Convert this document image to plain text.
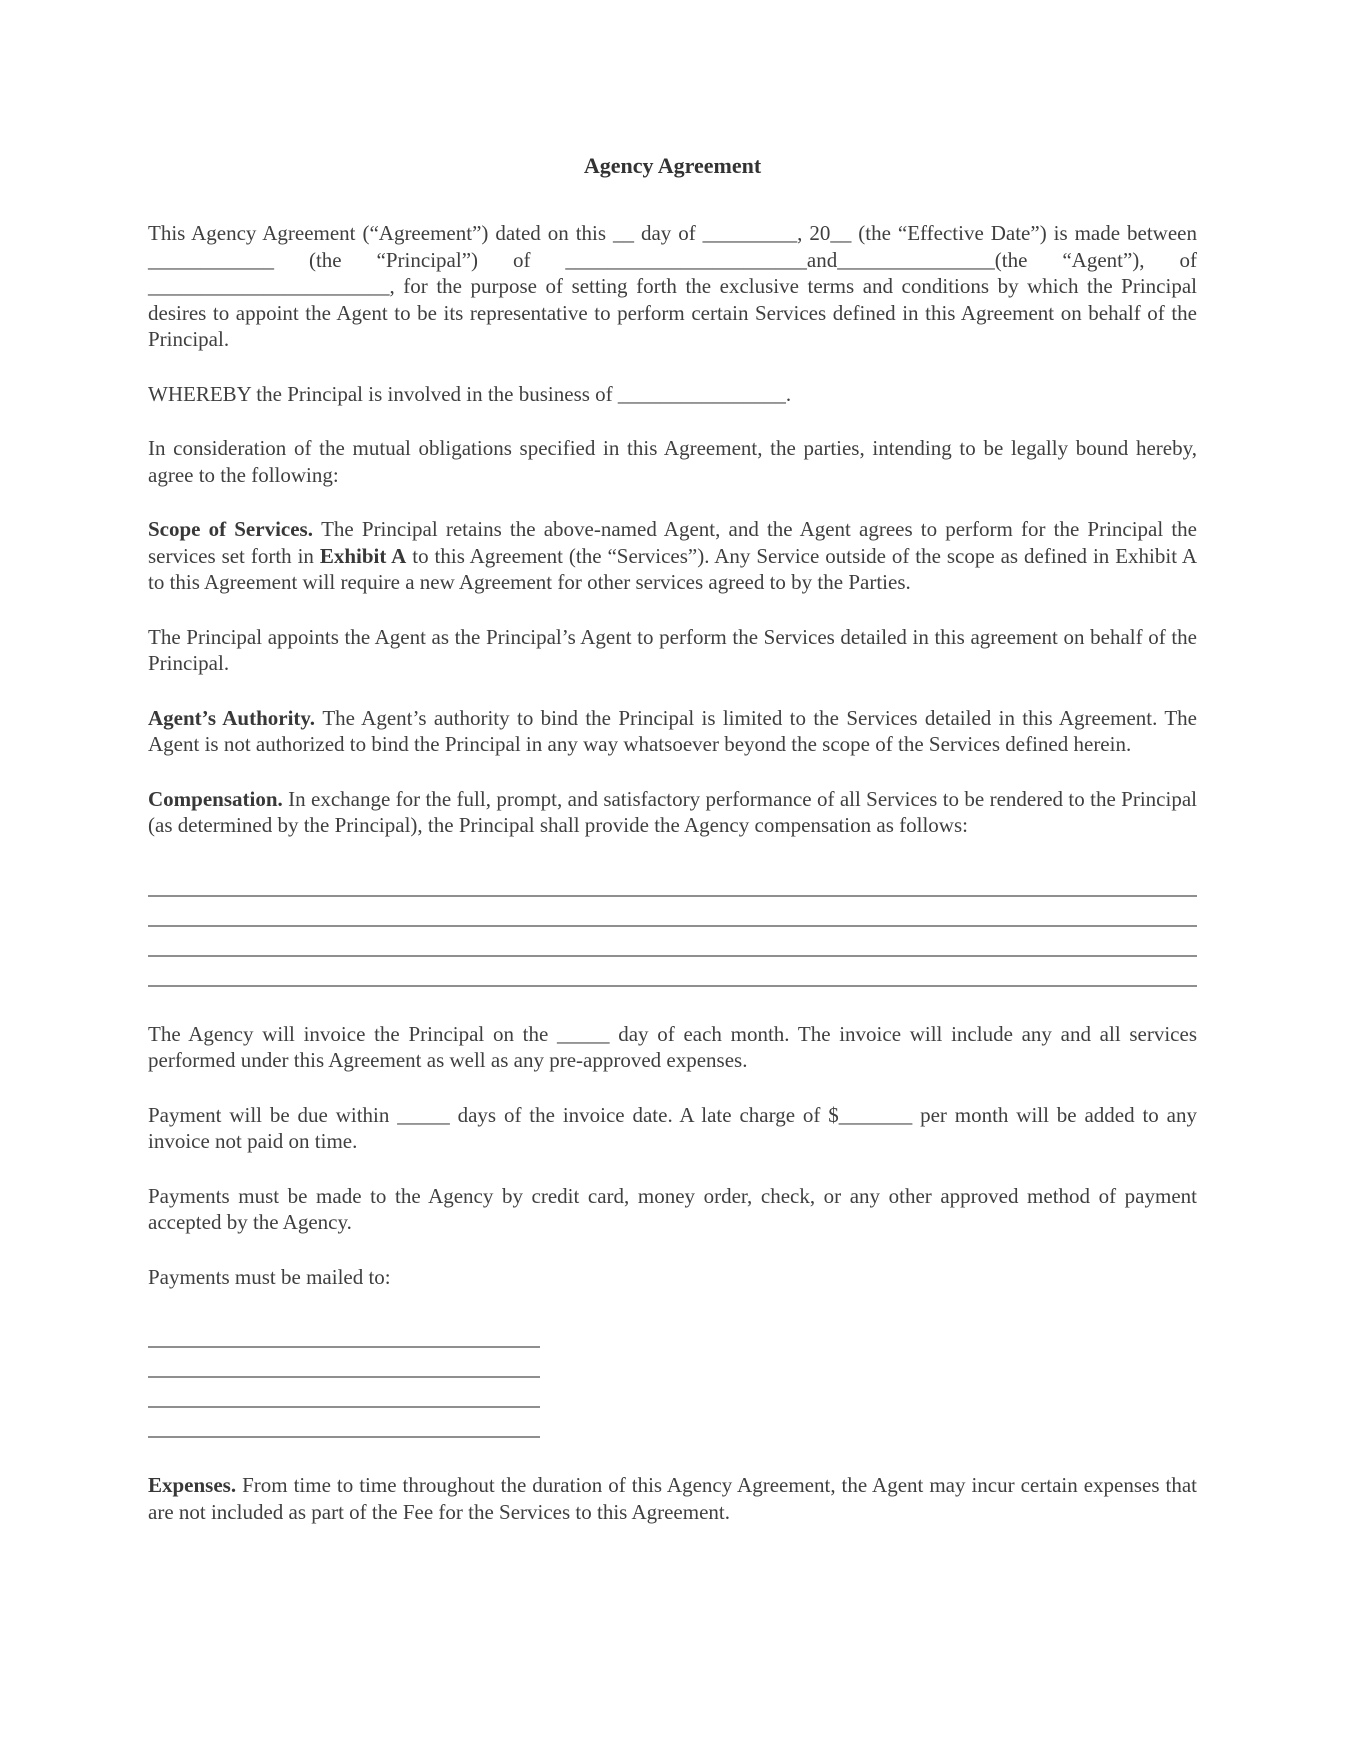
Agency Agreement

This Agency Agreement (“Agreement”) dated on this __ day of _________, 20__ (the “Effective Date”) is made between ____________ (the “Principal”) of _______________________and_______________(the “Agent”), of _______________________, for the purpose of setting forth the exclusive terms and conditions by which the Principal desires to appoint the Agent to be its representative to perform certain Services defined in this Agreement on behalf of the Principal.

WHEREBY the Principal is involved in the business of ________________.

In consideration of the mutual obligations specified in this Agreement, the parties, intending to be legally bound hereby, agree to the following:

Scope of Services. The Principal retains the above-named Agent, and the Agent agrees to perform for the Principal the services set forth in Exhibit A to this Agreement (the “Services”). Any Service outside of the scope as defined in Exhibit A to this Agreement will require a new Agreement for other services agreed to by the Parties.

The Principal appoints the Agent as the Principal’s Agent to perform the Services detailed in this agreement on behalf of the Principal.

Agent’s Authority. The Agent’s authority to bind the Principal is limited to the Services detailed in this Agreement. The Agent is not authorized to bind the Principal in any way whatsoever beyond the scope of the Services defined herein.

Compensation. In exchange for the full, prompt, and satisfactory performance of all Services to be rendered to the Principal (as determined by the Principal), the Principal shall provide the Agency compensation as follows:

The Agency will invoice the Principal on the _____ day of each month. The invoice will include any and all services performed under this Agreement as well as any pre-approved expenses.

Payment will be due within _____ days of the invoice date. A late charge of $_______ per month will be added to any invoice not paid on time.

Payments must be made to the Agency by credit card, money order, check, or any other approved method of payment accepted by the Agency.

Payments must be mailed to:

Expenses. From time to time throughout the duration of this Agency Agreement, the Agent may incur certain expenses that are not included as part of the Fee for the Services to this Agreement.
